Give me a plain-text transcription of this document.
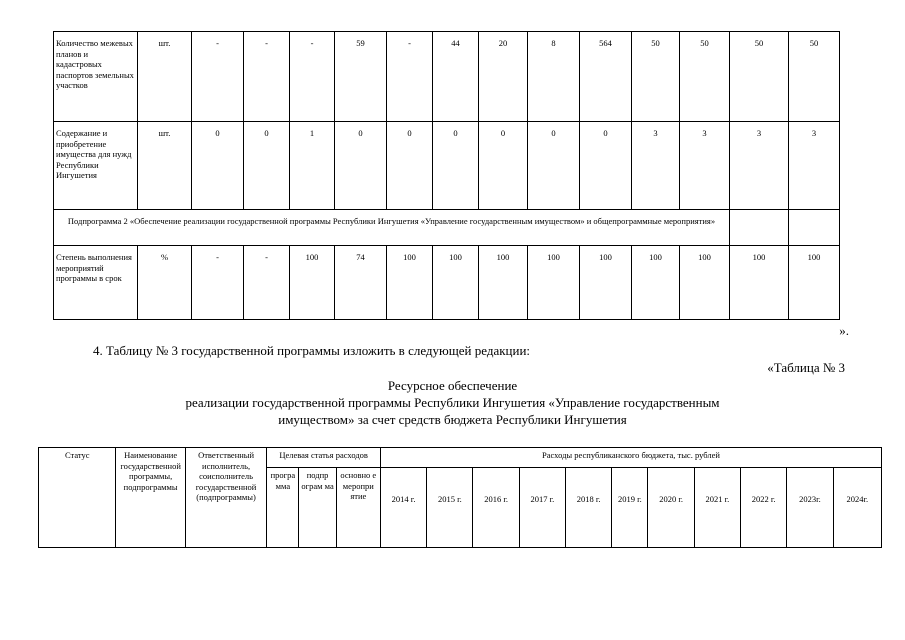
Количество межевых планов и кадастровых паспортов земельных участков	шт.	-	-	-	59	-	44	20	8	564	50	50	50	50
Содержание и приобретение имущества для нужд Республики Ингушетия	шт.	0	0	1	0	0	0	0	0	0	3	3	3	3
Подпрограмма 2 «Обеспечение реализации государственной программы Республики Ингушетия «Управление государственным имуществом» и общепрограммные мероприятия»														
Степень выполнения мероприятий программы в срок	%	-	-	100	74	100	100	100	100	100	100	100	100	100
».
4. Таблицу № 3 государственной программы изложить в следующей редакции:
«Таблица № 3
Ресурсное обеспечение
реализации государственной программы Республики Ингушетия «Управление государственным
имуществом» за счет средств бюджета Республики Ингушетия
Статус	Наименование государственной программы, подпрограммы	Ответственный исполнитель, соисполнитель государственной (подпрограммы)	Целевая статья расходов			Расходы республиканского бюджета, тыс. рублей										
			програ мма	подпр ограм ма	основно е меропри ятие	2014 г.	2015 г.	2016 г.	2017 г.	2018 г.	2019 г.	2020 г.	2021 г.	2022 г.	2023г.	2024г.
